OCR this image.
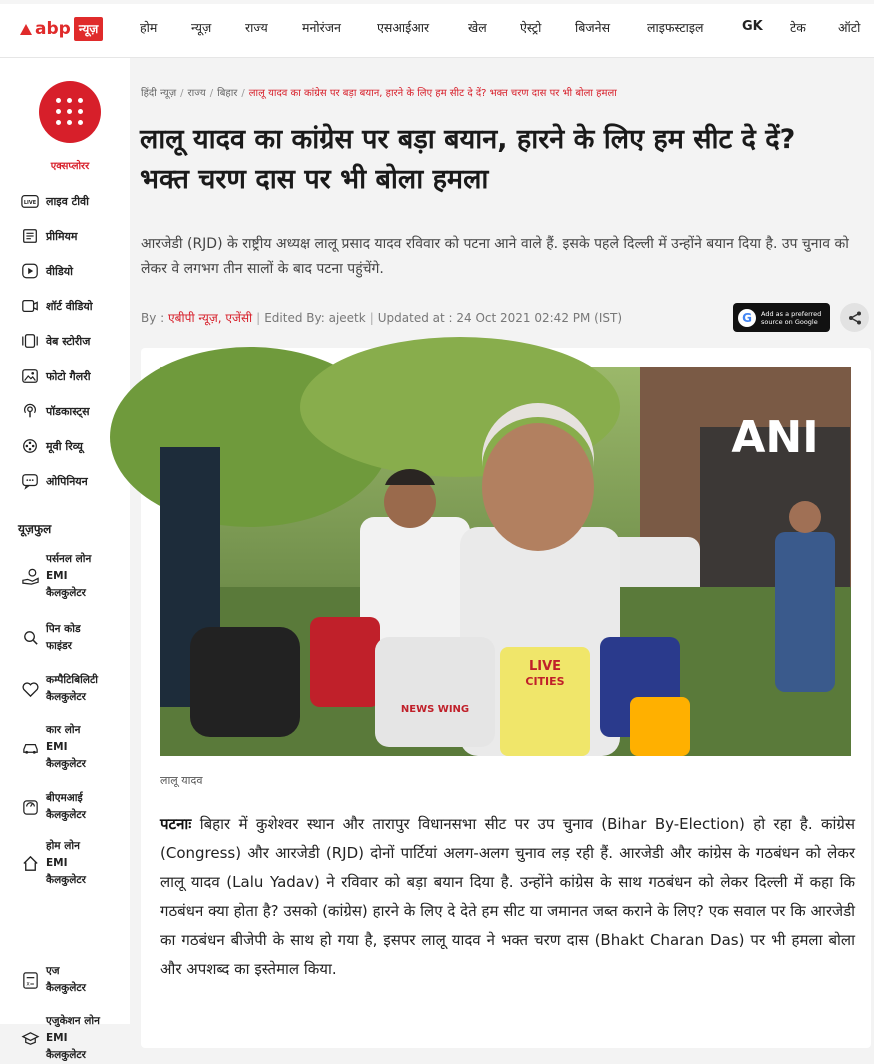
abp न्यूज़	होम	न्यूज़	राज्य	मनोरंजन	एसआईआर	खेल	ऐस्ट्रो	बिजनेस	लाइफस्टाइल	GK टेक	ऑटो
एक्सप्लोरर
LIVE लाइव टीवी
प्रीमियम
वीडियो
शॉर्ट वीडियो
वेब स्टोरीज
फोटो गैलरी
पॉडकास्ट्स
मूवी रिव्यू
ओपिनियन
यूज़फुल
पर्सनल लोन
EMI
कैलकुलेटर
पिन कोड
फाइंडर
कम्पैटिबिलिटी
कैलकुलेटर
कार लोन
EMI
कैलकुलेटर
बीएमआई
कैलकुलेटर
होम लोन
EMI
कैलकुलेटर
x=
एज
कैलकुलेटर
एजुकेशन लोन
EMI
कैलकुलेटर
हिंदी न्यूज़ / राज्य / बिहार / लालू यादव का कांग्रेस पर बड़ा बयान, हारने के लिए हम सीट दे दें? भक्त चरण दास पर भी बोला हमला
लालू यादव का कांग्रेस पर बड़ा बयान, हारने के लिए हम सीट दे दें? भक्त चरण दास पर भी बोला हमला

आरजेडी (RJD) के राष्ट्रीय अध्यक्ष लालू प्रसाद यादव रविवार को पटना आने वाले हैं. इसके पहले दिल्ली में उन्होंने बयान दिया है. उप चुनाव को लेकर वे लगभग तीन सालों के बाद पटना पहुंचेंगे.

By : एबीपी न्यूज़, एजेंसी | Edited By: ajeetk | Updated at : 24 Oct 2021 02:42 PM (IST)	G	Add as a preferred
source on Google
ANI
LIVE
CITIES
NEWS WING
लालू यादव

पटनाः बिहार में कुशेश्वर स्थान और तारापुर विधानसभा सीट पर उप चुनाव (Bihar By-Election) हो रहा है. कांग्रेस (Congress) और आरजेडी (RJD) दोनों पार्टियां अलग-अलग चुनाव लड़ रही हैं. आरजेडी और कांग्रेस के गठबंधन को लेकर लालू यादव (Lalu Yadav) ने रविवार को बड़ा बयान दिया है. उन्होंने कांग्रेस के साथ गठबंधन को लेकर दिल्ली में कहा कि गठबंधन क्या होता है? उसको (कांग्रेस) हारने के लिए दे देते हम सीट या जमानत जब्त कराने के लिए? एक सवाल पर कि आरजेडी का गठबंधन बीजेपी के साथ हो गया है, इसपर लालू यादव ने भक्त चरण दास (Bhakt Charan Das) पर भी हमला बोला और अपशब्द का इस्तेमाल किया.
